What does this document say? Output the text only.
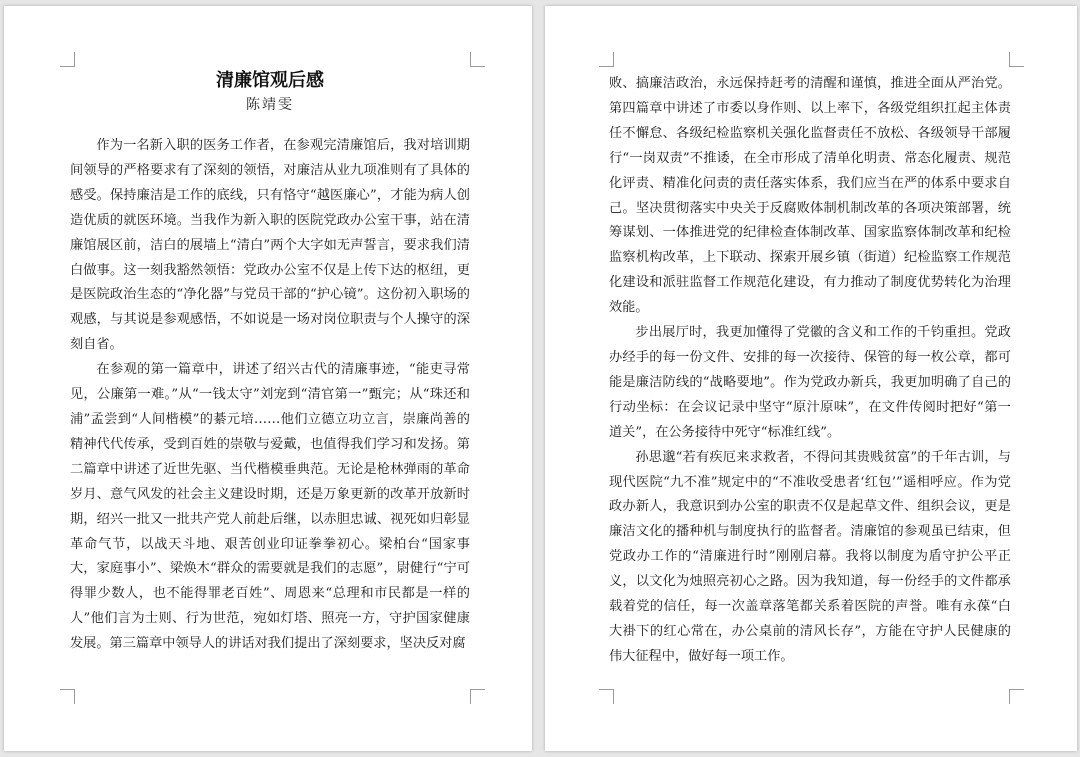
清廉馆观后感

陈靖雯

作为一名新入职的医务工作者，在参观完清廉馆后，我对培训期间领导的严格要求有了深刻的领悟，对廉洁从业九项准则有了具体的感受。保持廉洁是工作的底线，只有恪守“越医廉心”，才能为病人创造优质的就医环境。当我作为新入职的医院党政办公室干事，站在清廉馆展区前，洁白的展墙上“清白”两个大字如无声誓言，要求我们清白做事。这一刻我豁然领悟：党政办公室不仅是上传下达的枢纽，更是医院政治生态的“净化器”与党员干部的“护心镜”。这份初入职场的观感，与其说是参观感悟，不如说是一场对岗位职责与个人操守的深刻自省。

在参观的第一篇章中，讲述了绍兴古代的清廉事迹，“能吏寻常见，公廉第一难。”从“一钱太守”刘宠到“清官第一”甄完；从“珠还和浦”孟尝到“人间楷模”的綦元培……他们立德立功立言，崇廉尚善的精神代代传承，受到百姓的崇敬与爱戴，也值得我们学习和发扬。第二篇章中讲述了近世先驱、当代楷模垂典范。无论是枪林弹雨的革命岁月、意气风发的社会主义建设时期，还是万象更新的改革开放新时期，绍兴一批又一批共产党人前赴后继，以赤胆忠诚、视死如归彰显革命气节，以战天斗地、艰苦创业印证拳拳初心。梁柏台“国家事大，家庭事小”、梁焕木“群众的需要就是我们的志愿”，尉健行“宁可得罪少数人，也不能得罪老百姓”、周恩来“总理和市民都是一样的人”他们言为士则、行为世范，宛如灯塔、照亮一方，守护国家健康发展。第三篇章中领导人的讲话对我们提出了深刻要求，坚决反对腐

败、搞廉洁政治，永远保持赶考的清醒和谨慎，推进全面从严治党。第四篇章中讲述了市委以身作则、以上率下，各级党组织扛起主体责任不懈怠、各级纪检监察机关强化监督责任不放松、各级领导干部履行“一岗双责”不推诿，在全市形成了清单化明责、常态化履责、规范化评责、精准化问责的责任落实体系，我们应当在严的体系中要求自己。坚决贯彻落实中央关于反腐败体制机制改革的各项决策部署，统筹谋划、一体推进党的纪律检查体制改革、国家监察体制改革和纪检监察机构改革，上下联动、探索开展乡镇（街道）纪检监察工作规范化建设和派驻监督工作规范化建设，有力推动了制度优势转化为治理效能。

步出展厅时，我更加懂得了党徽的含义和工作的千钧重担。党政办经手的每一份文件、安排的每一次接待、保管的每一枚公章，都可能是廉洁防线的“战略要地”。作为党政办新兵，我更加明确了自己的行动坐标：在会议记录中坚守“原汁原味”，在文件传阅时把好“第一道关”，在公务接待中死守“标准红线”。

孙思邈“若有疾厄来求救者，不得问其贵贱贫富”的千年古训，与现代医院“九不准”规定中的“不准收受患者‘红包’”遥相呼应。作为党政办新人，我意识到办公室的职责不仅是起草文件、组织会议，更是廉洁文化的播种机与制度执行的监督者。清廉馆的参观虽已结束，但党政办工作的“清廉进行时”刚刚启幕。我将以制度为盾守护公平正义，以文化为烛照亮初心之路。因为我知道，每一份经手的文件都承载着党的信任，每一次盖章落笔都关系着医院的声誉。唯有永葆“白大褂下的红心常在，办公桌前的清风长存”，方能在守护人民健康的伟大征程中，做好每一项工作。
